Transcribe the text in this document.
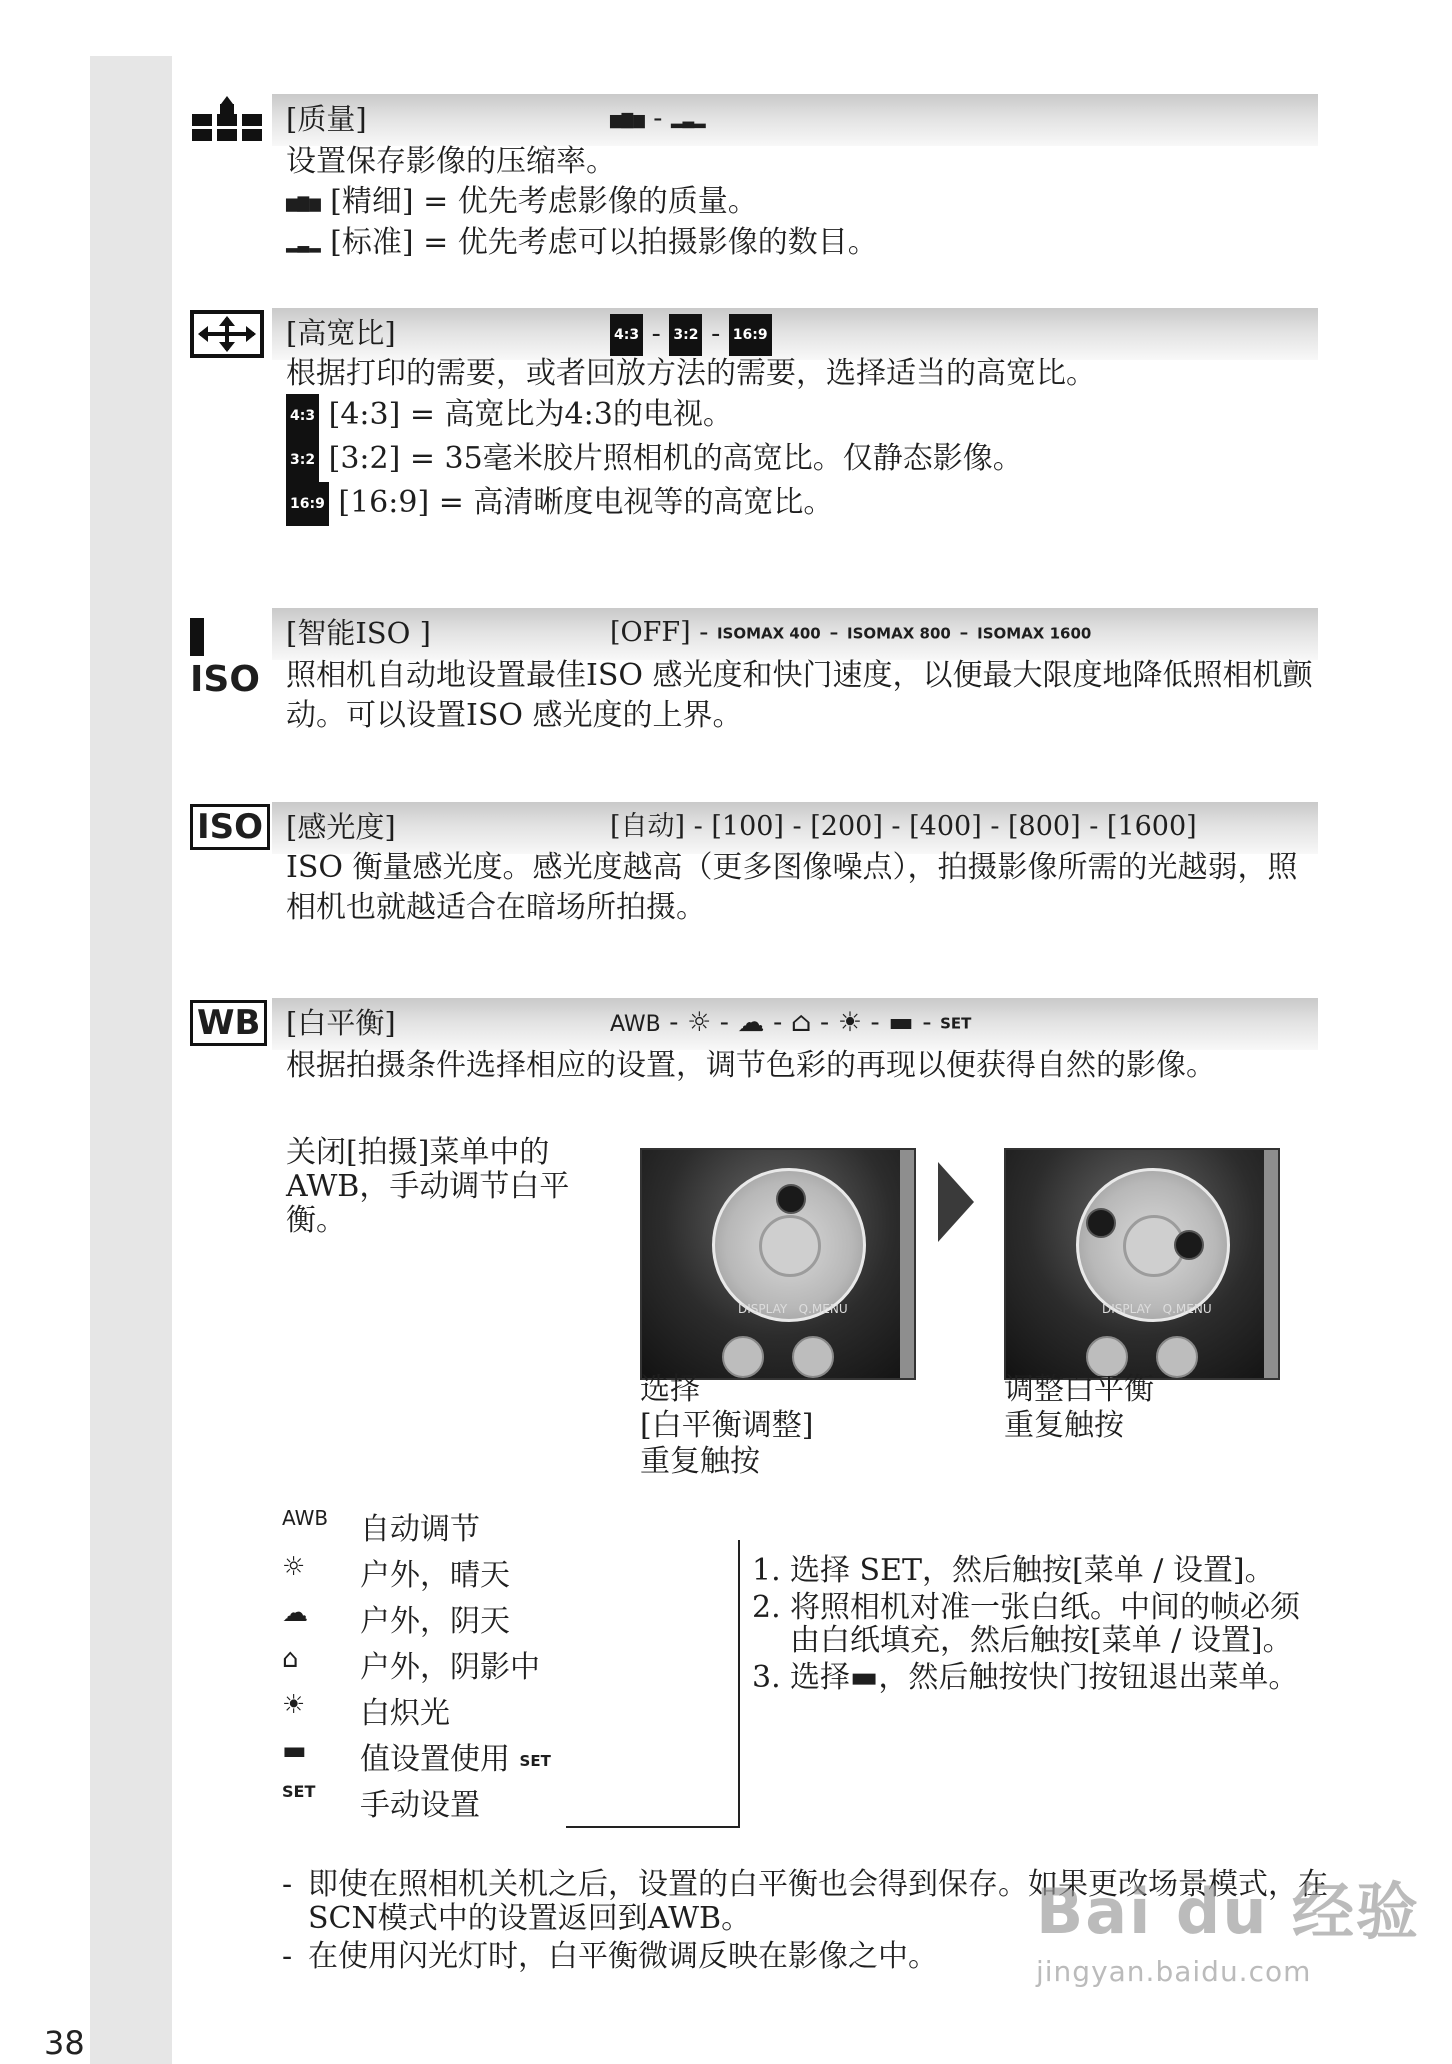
[质量]	▆▇▆ - ▂▃▂

设置保存影像的压缩率。

▆▇▆ [精细] = 优先考虑影像的质量。

▂▃▂ [标准] = 优先考虑可以拍摄影像的数目。

[高宽比]	4:3 - 3:2 - 16:9

根据打印的需要，或者回放方法的需要，选择适当的高宽比。

4:3 [4:3] = 高宽比为4:3的电视。

3:2 [3:2] = 35毫米胶片照相机的高宽比。仅静态影像。

16:9 [16:9] = 高清晰度电视等的高宽比。

ISO
[智能ISO ]	[OFF] - ISOMAX 400 - ISOMAX 800 - ISOMAX 1600
照相机自动地设置最佳ISO 感光度和快门速度，以便最大限度地降低照相机颤动。可以设置ISO 感光度的上界。
ISO [感光度]	[自动] - [100] - [200] - [400] - [800] - [1600]
ISO 衡量感光度。感光度越高（更多图像噪点），拍摄影像所需的光越弱，照相机也就越适合在暗场所拍摄。
WB [白平衡]	AWB - ☼ - ☁ - ⌂ - ☀ - ▬ - SET
根据拍摄条件选择相应的设置，调节色彩的再现以便获得自然的影像。
关闭[拍摄]菜单中的AWB，手动调节白平衡。
DISPLAY   Q.MENU	DISPLAY   Q.MENU
选择
[白平衡调整]
重复触按
调整白平衡
重复触按
AWB	自动调节
☼	户外，晴天
☁	户外，阴天
⌂	户外，阴影中
☀	白炽光
▬	值设置使用 SET
SET	手动设置
1. 选择 SET，然后触按[菜单 / 设置]。
2. 将照相机对准一张白纸。中间的帧必须由白纸填充，然后触按[菜单 / 设置]。
3. 选择▬，然后触按快门按钮退出菜单。
- 即使在照相机关机之后，设置的白平衡也会得到保存。如果更改场景模式，在SCN模式中的设置返回到AWB。
- 在使用闪光灯时，白平衡微调反映在影像之中。
Bai du 经验
jingyan.baidu.com
38
